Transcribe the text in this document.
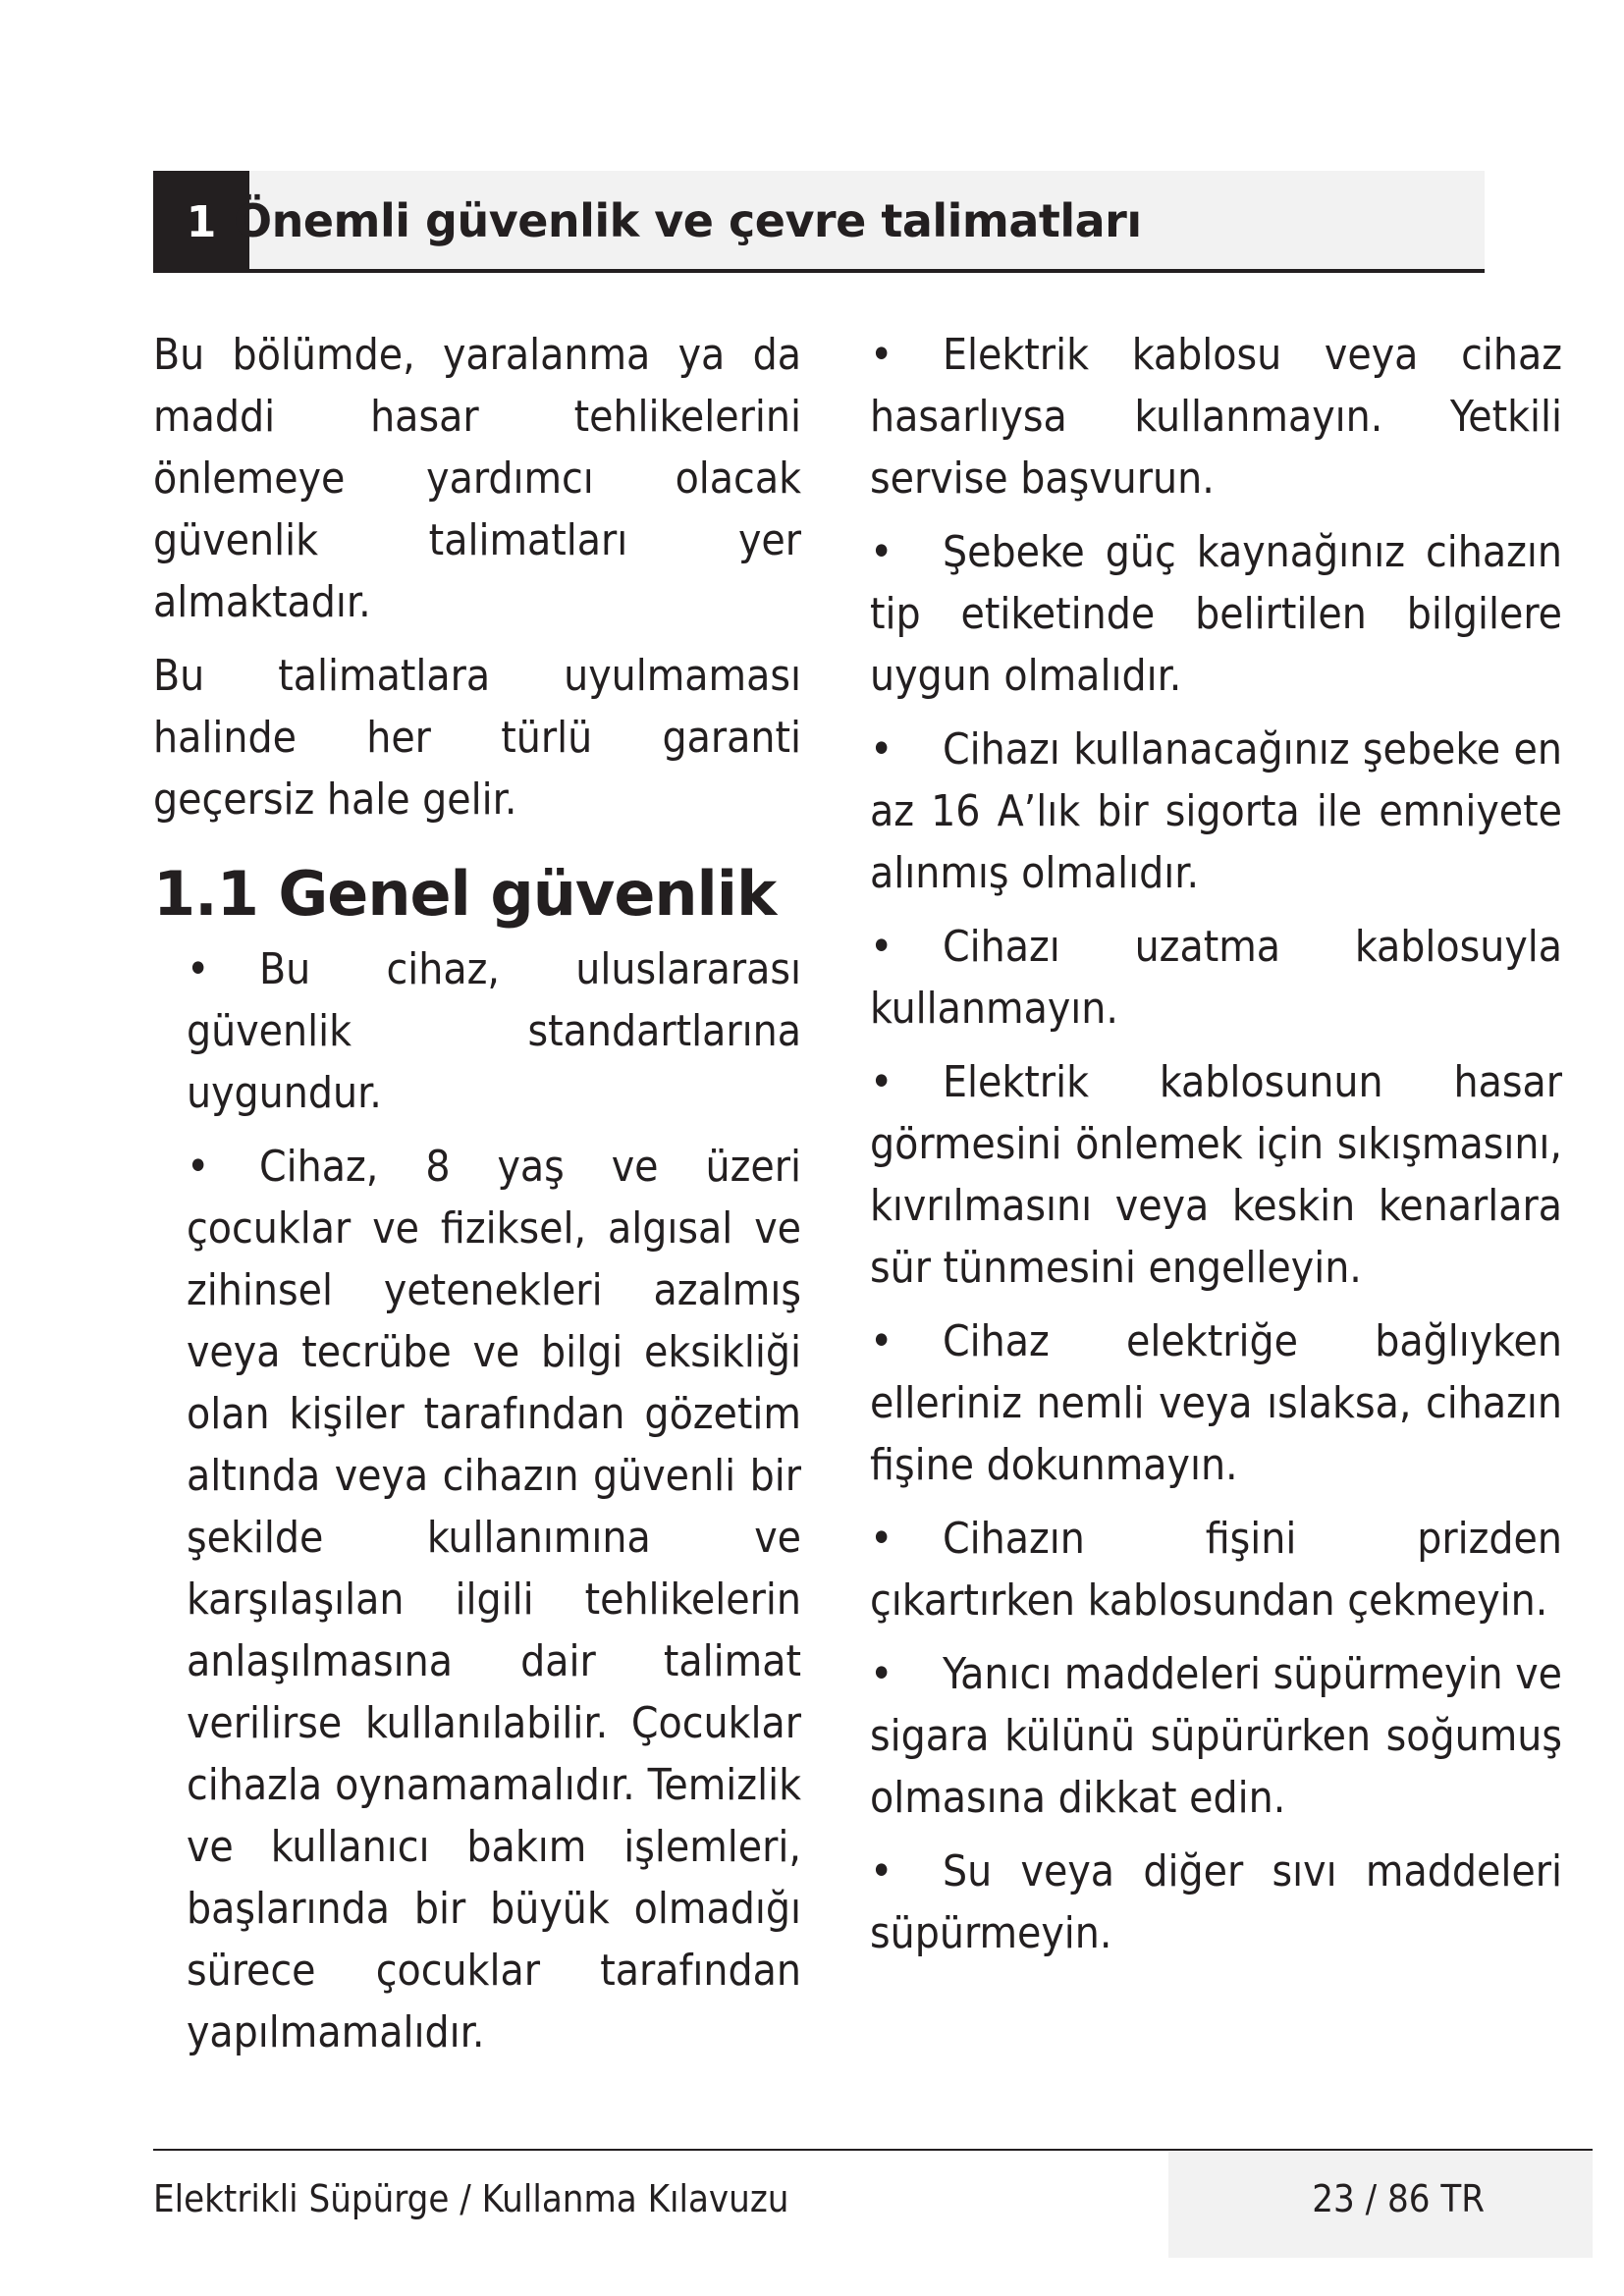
1 Önemli güvenlik ve çevre talimatları

Bu bölümde, yaralanma ya da maddi hasar tehlikelerini önlemeye yardımcı olacak güvenlik talimatları yer almaktadır.

Bu talimatlara uyulmaması halinde her türlü garanti geçersiz hale gelir.

1.1 Genel güvenlik
• Bu cihaz, uluslararası güvenlik standartlarına uygundur.
• Cihaz, 8 yaş ve üzeri çocuklar ve fiziksel, algısal ve zihinsel yetenekleri azalmış veya tecrübe ve bilgi eksikliği olan kişiler tarafından gözetim altında veya cihazın güvenli bir şekilde kullanımına ve karşılaşılan ilgili tehlikelerin anlaşılmasına dair talimat verilirse kullanılabilir. Çocuklar cihazla oynamamalıdır. Temizlik ve kullanıcı bakım işlemleri, başlarında bir büyük olmadığı sürece çocuklar tarafından yapılmamalıdır.
• Elektrik kablosu veya cihaz hasarlıysa kullanmayın. Yetkili servise başvurun.
• Şebeke güç kaynağınız cihazın tip etiketinde belirtilen bilgilere uygun olmalıdır.
• Cihazı kullanacağınız şebeke en az 16 A’lık bir sigorta ile emniyete alınmış olmalıdır.
• Cihazı uzatma kablosuyla kullanmayın.
• Elektrik kablosunun hasar görmesini önlemek için sıkışmasını, kıvrılmasını veya keskin kenarlara sür tünmesini engelleyin.
• Cihaz elektriğe bağlıyken elleriniz nemli veya ıslaksa, cihazın fişine dokunmayın.
• Cihazın fişini prizden çıkartırken kablosundan çekmeyin.
• Yanıcı maddeleri süpürmeyin ve sigara külünü süpürürken soğumuş olmasına dikkat edin.
• Su veya diğer sıvı maddeleri süpürmeyin.
Elektrikli Süpürge / Kullanma Kılavuzu	23 / 86 TR
